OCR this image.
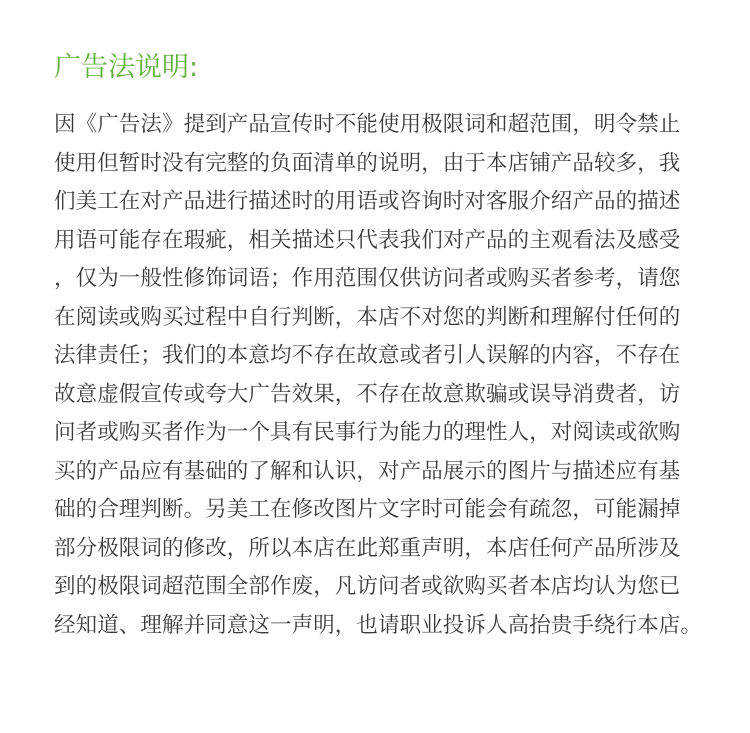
广告法说明:
因《广告法》提到产品宣传时不能使用极限词和超范围，明令禁止
使用但暂时没有完整的负面清单的说明，由于本店铺产品较多，我
们美工在对产品进行描述时的用语或咨询时对客服介绍产品的描述
用语可能存在瑕疵，相关描述只代表我们对产品的主观看法及感受
，仅为一般性修饰词语；作用范围仅供访问者或购买者参考，请您
在阅读或购买过程中自行判断，本店不对您的判断和理解付任何的
法律责任；我们的本意均不存在故意或者引人误解的内容，不存在
故意虚假宣传或夸大广告效果，不存在故意欺骗或误导消费者，访
问者或购买者作为一个具有民事行为能力的理性人，对阅读或欲购
买的产品应有基础的了解和认识，对产品展示的图片与描述应有基
础的合理判断。另美工在修改图片文字时可能会有疏忽，可能漏掉
部分极限词的修改，所以本店在此郑重声明，本店任何产品所涉及
到的极限词超范围全部作废，凡访问者或欲购买者本店均认为您已
经知道、理解并同意这一声明，也请职业投诉人高抬贵手绕行本店。
